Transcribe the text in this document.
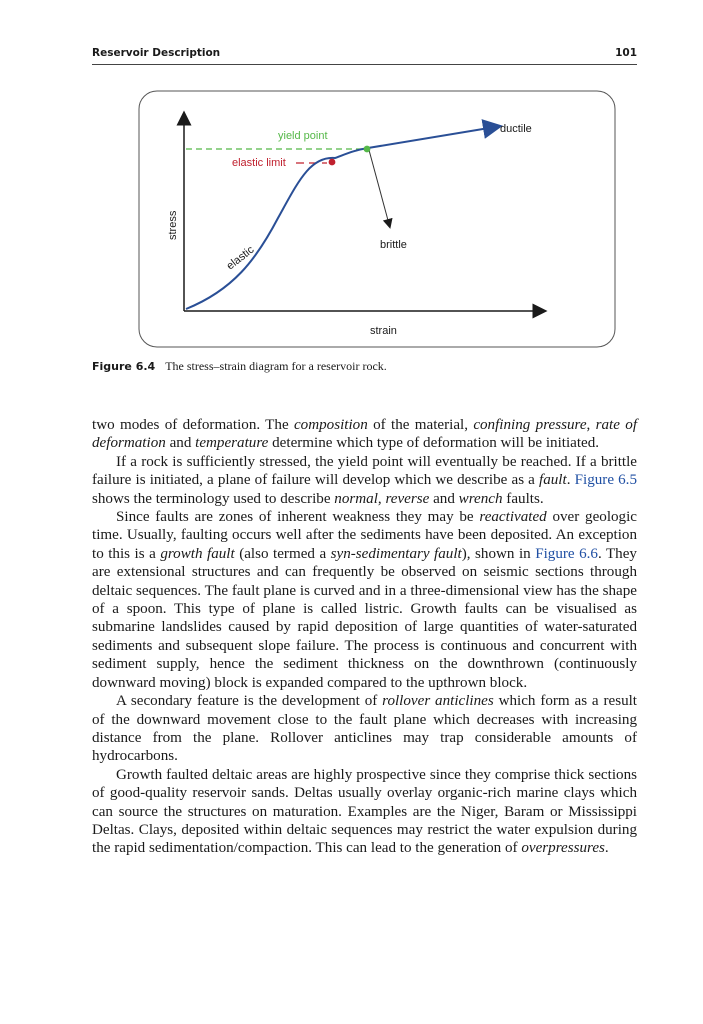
Reservoir Description	101
ductile
yield point
elastic limit
brittle
elastic
stress
strain
Figure 6.4 The stress–strain diagram for a reservoir rock.

two modes of deformation. The composition of the material, confining pressure, rate of deformation and temperature determine which type of deformation will be initiated.

If a rock is sufficiently stressed, the yield point will eventually be reached. If a brittle failure is initiated, a plane of failure will develop which we describe as a fault. Figure 6.5 shows the terminology used to describe normal, reverse and wrench faults.

Since faults are zones of inherent weakness they may be reactivated over geologic time. Usually, faulting occurs well after the sediments have been deposited. An exception to this is a growth fault (also termed a syn-sedimentary fault), shown in Figure 6.6. They are extensional structures and can frequently be observed on seismic sections through deltaic sequences. The fault plane is curved and in a three-dimensional view has the shape of a spoon. This type of plane is called listric. Growth faults can be visualised as submarine landslides caused by rapid deposition of large quantities of water-saturated sediments and subsequent slope failure. The process is continuous and concurrent with sediment supply, hence the sediment thickness on the downthrown (continuously downward moving) block is expanded compared to the upthrown block.

A secondary feature is the development of rollover anticlines which form as a result of the downward movement close to the fault plane which decreases with increasing distance from the plane. Rollover anticlines may trap considerable amounts of hydrocarbons.

Growth faulted deltaic areas are highly prospective since they comprise thick sections of good-quality reservoir sands. Deltas usually overlay organic-rich marine clays which can source the structures on maturation. Examples are the Niger, Baram or Mississippi Deltas. Clays, deposited within deltaic sequences may restrict the water expulsion during the rapid sedimentation/compaction. This can lead to the generation of overpressures.
